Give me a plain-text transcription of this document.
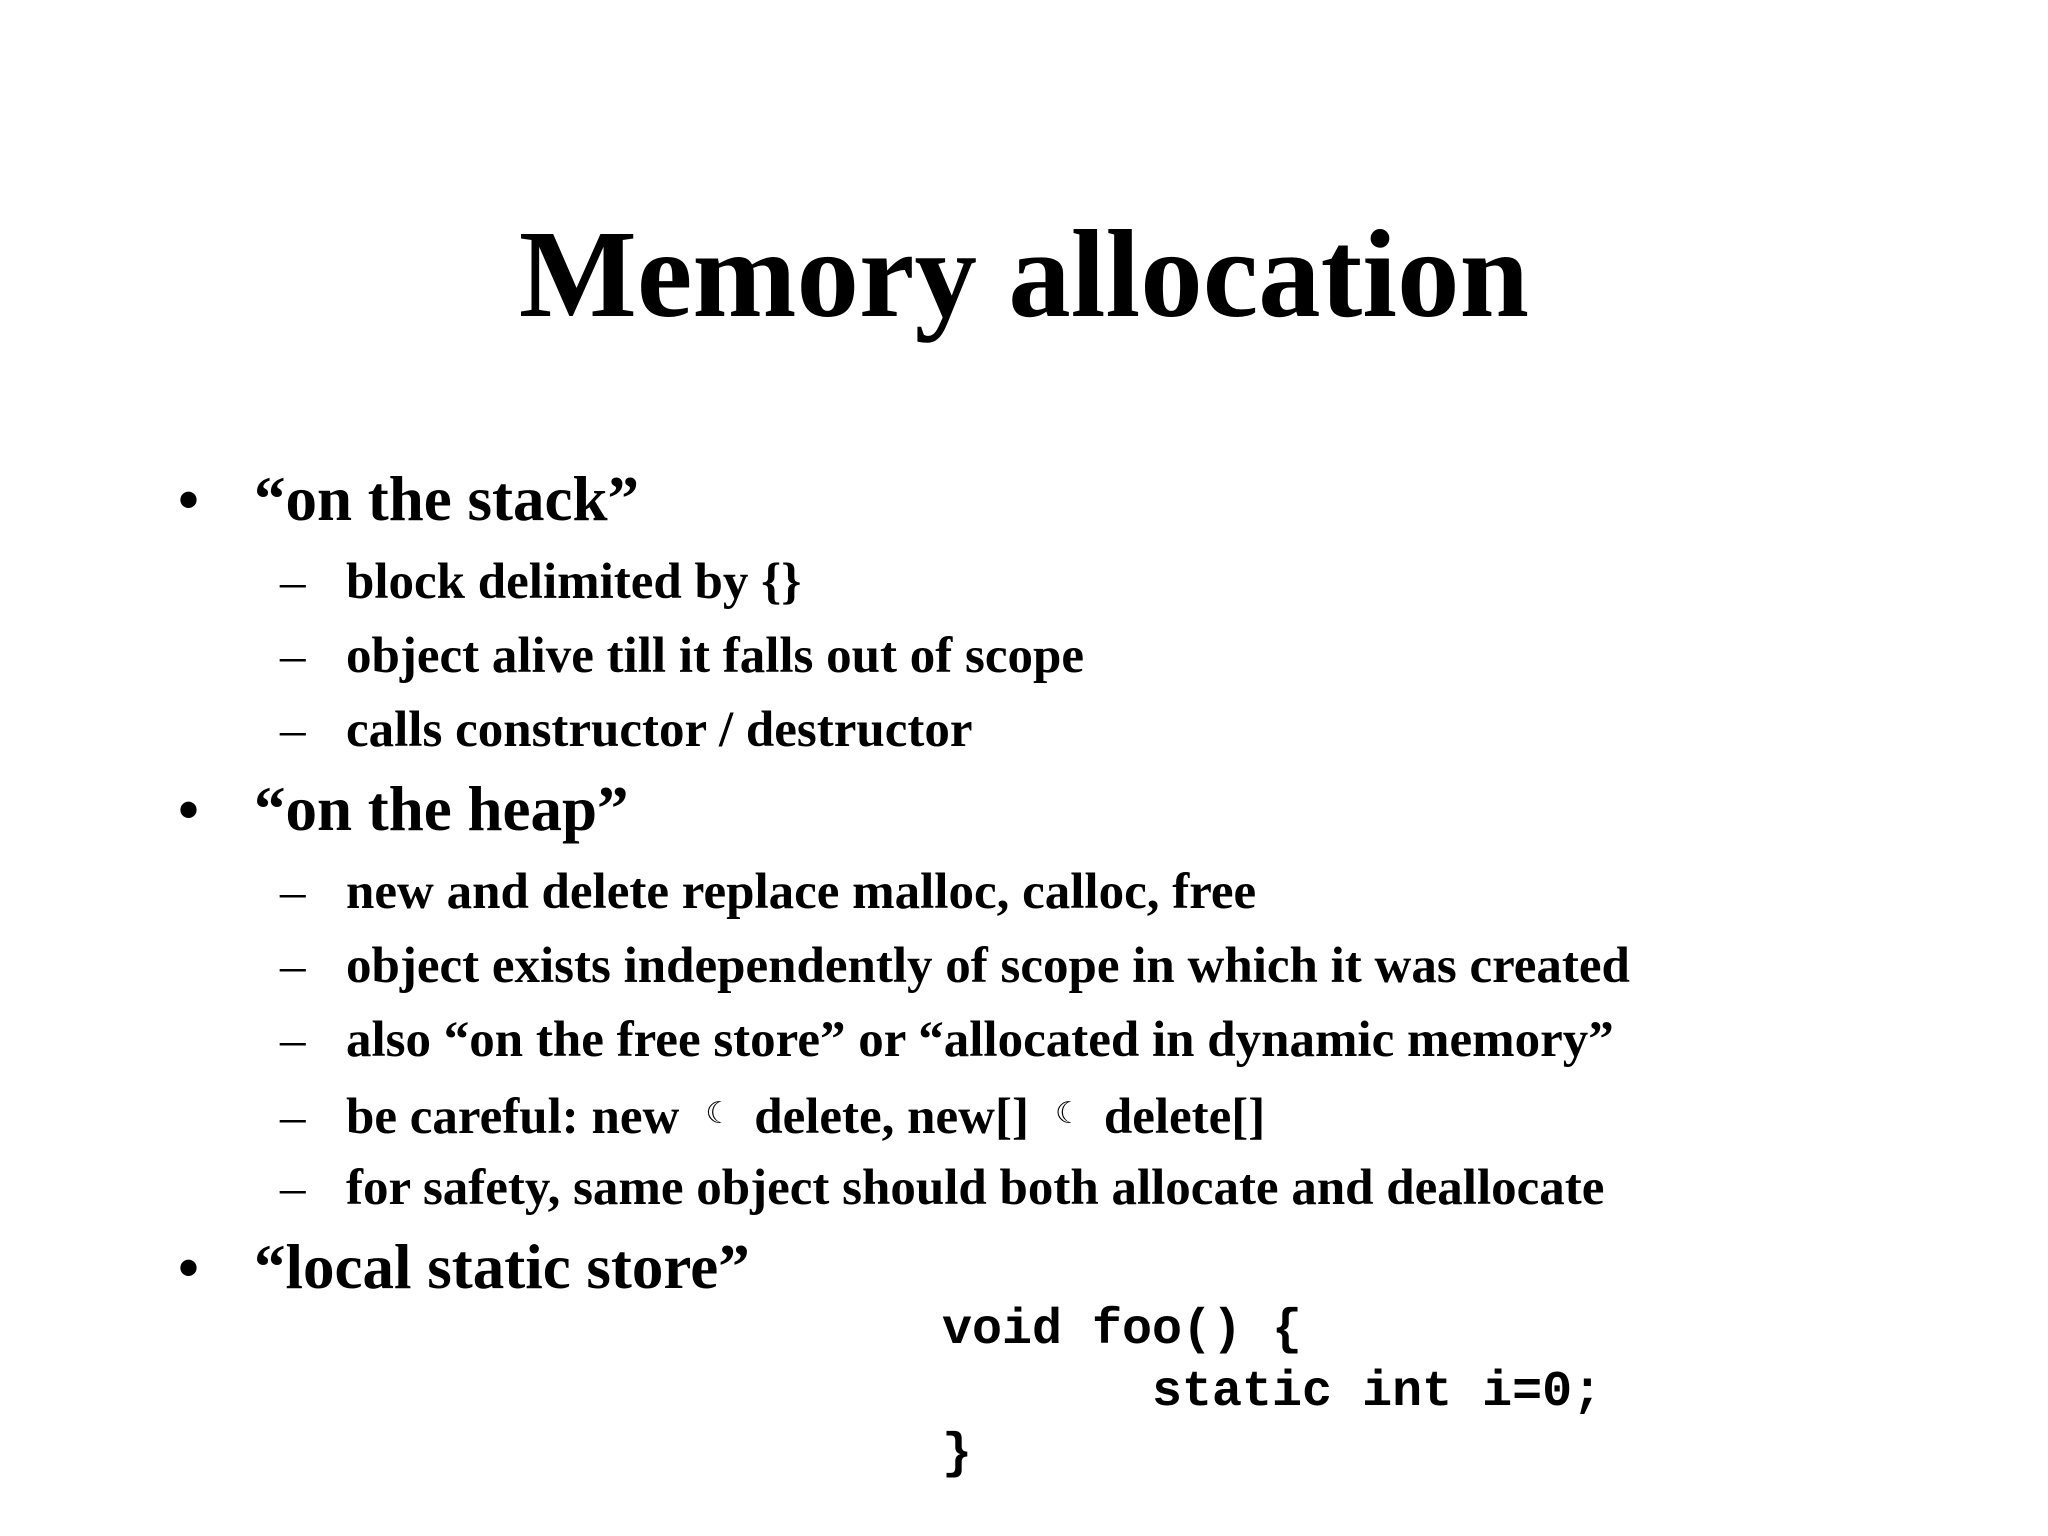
Memory allocation
• “on the stack”
– block delimited by {}
– object alive till it falls out of scope
– calls constructor / destructor
• “on the heap”
– new and delete replace malloc, calloc, free
– object exists independently of scope in which it was created
– also “on the free store” or “allocated in dynamic memory”
– be careful: new ☾ delete, new[] ☾ delete[]
– for safety, same object should both allocate and deallocate
• “local static store”
void foo() {
static int i=0;
}
